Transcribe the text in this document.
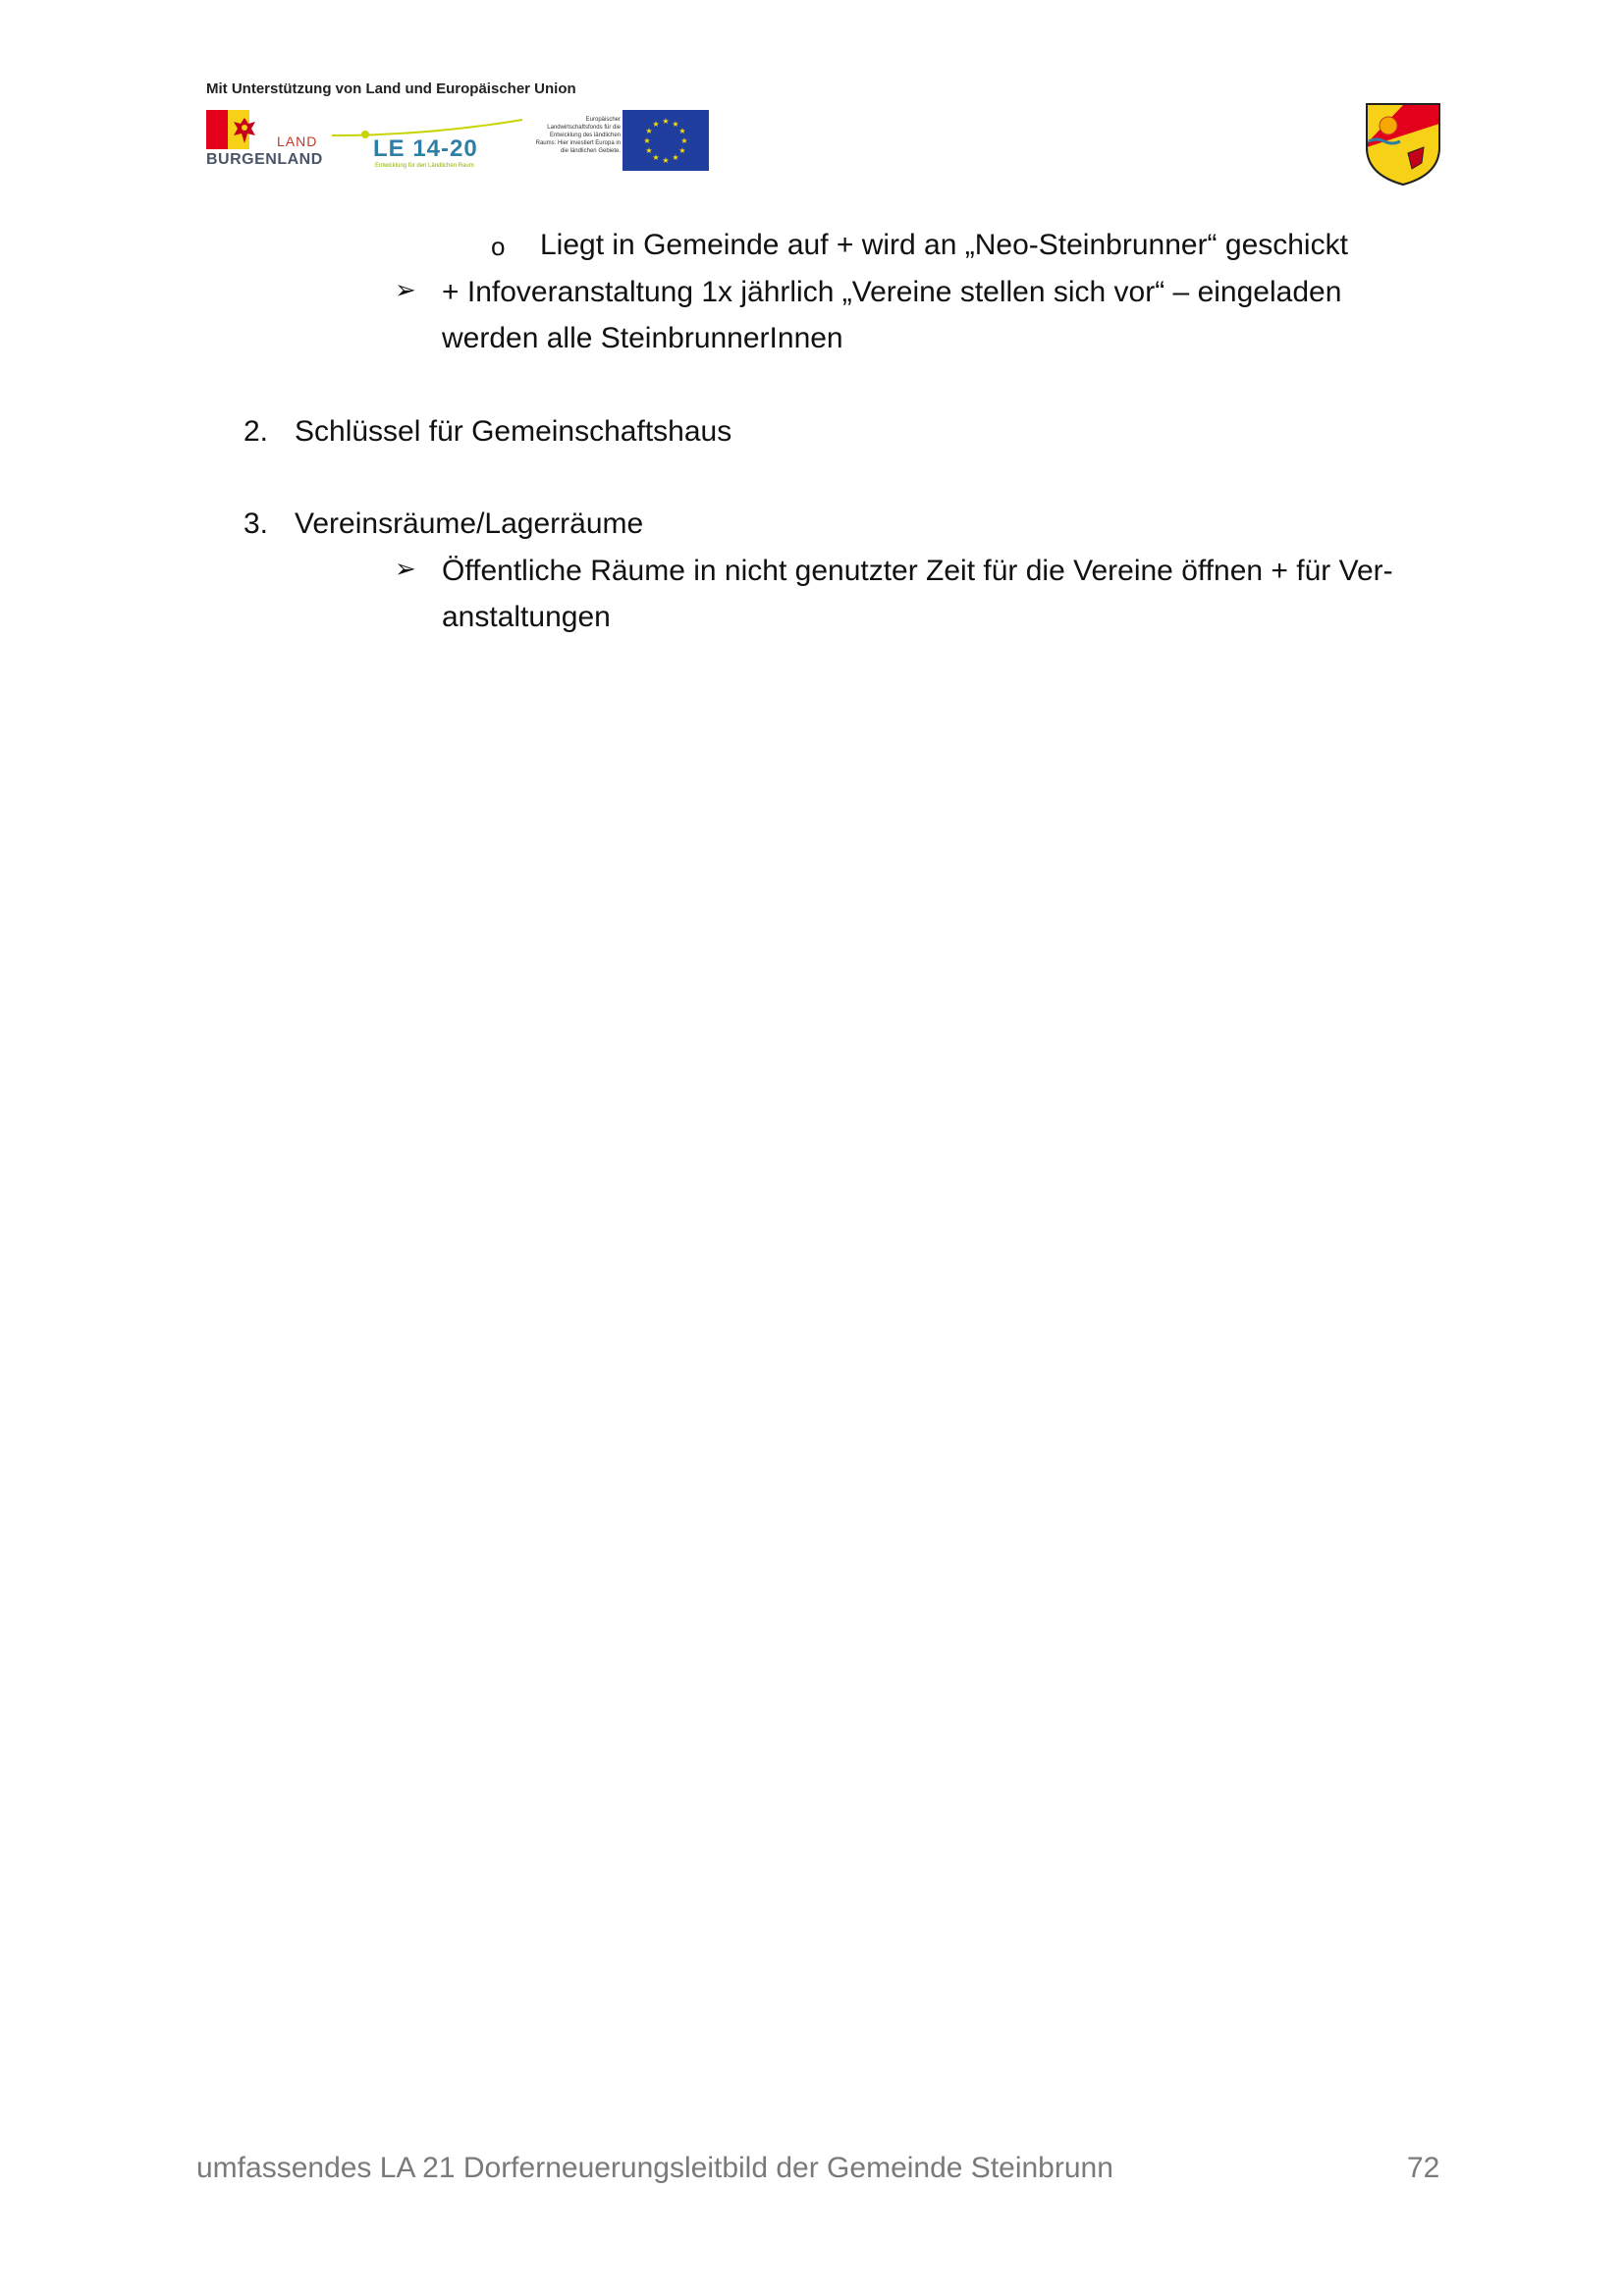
Mit Unterstützung von Land und Europäischer Union
LAND
BURGENLAND LE 14-20
Entwicklung für den Ländlichen Raum
Europäischer Landwirtschaftsfonds für die Entwicklung des ländlichen Raums: Hier investiert Europa in die ländlichen Gebiete.
★ ★
★
★
★
★
★
★
★
★
★
★
o Liegt in Gemeinde auf + wird an „Neo-Steinbrunner“ geschickt
➢ + Infoveranstaltung 1x jährlich „Vereine stellen sich vor“ – eingeladen
werden alle SteinbrunnerInnen
2. Schlüssel für Gemeinschaftshaus
3. Vereinsräume/Lagerräume
➢ Öffentliche Räume in nicht genutzter Zeit für die Vereine öffnen + für Ver-
anstaltungen
umfassendes LA 21 Dorferneuerungsleitbild der Gemeinde Steinbrunn	72
